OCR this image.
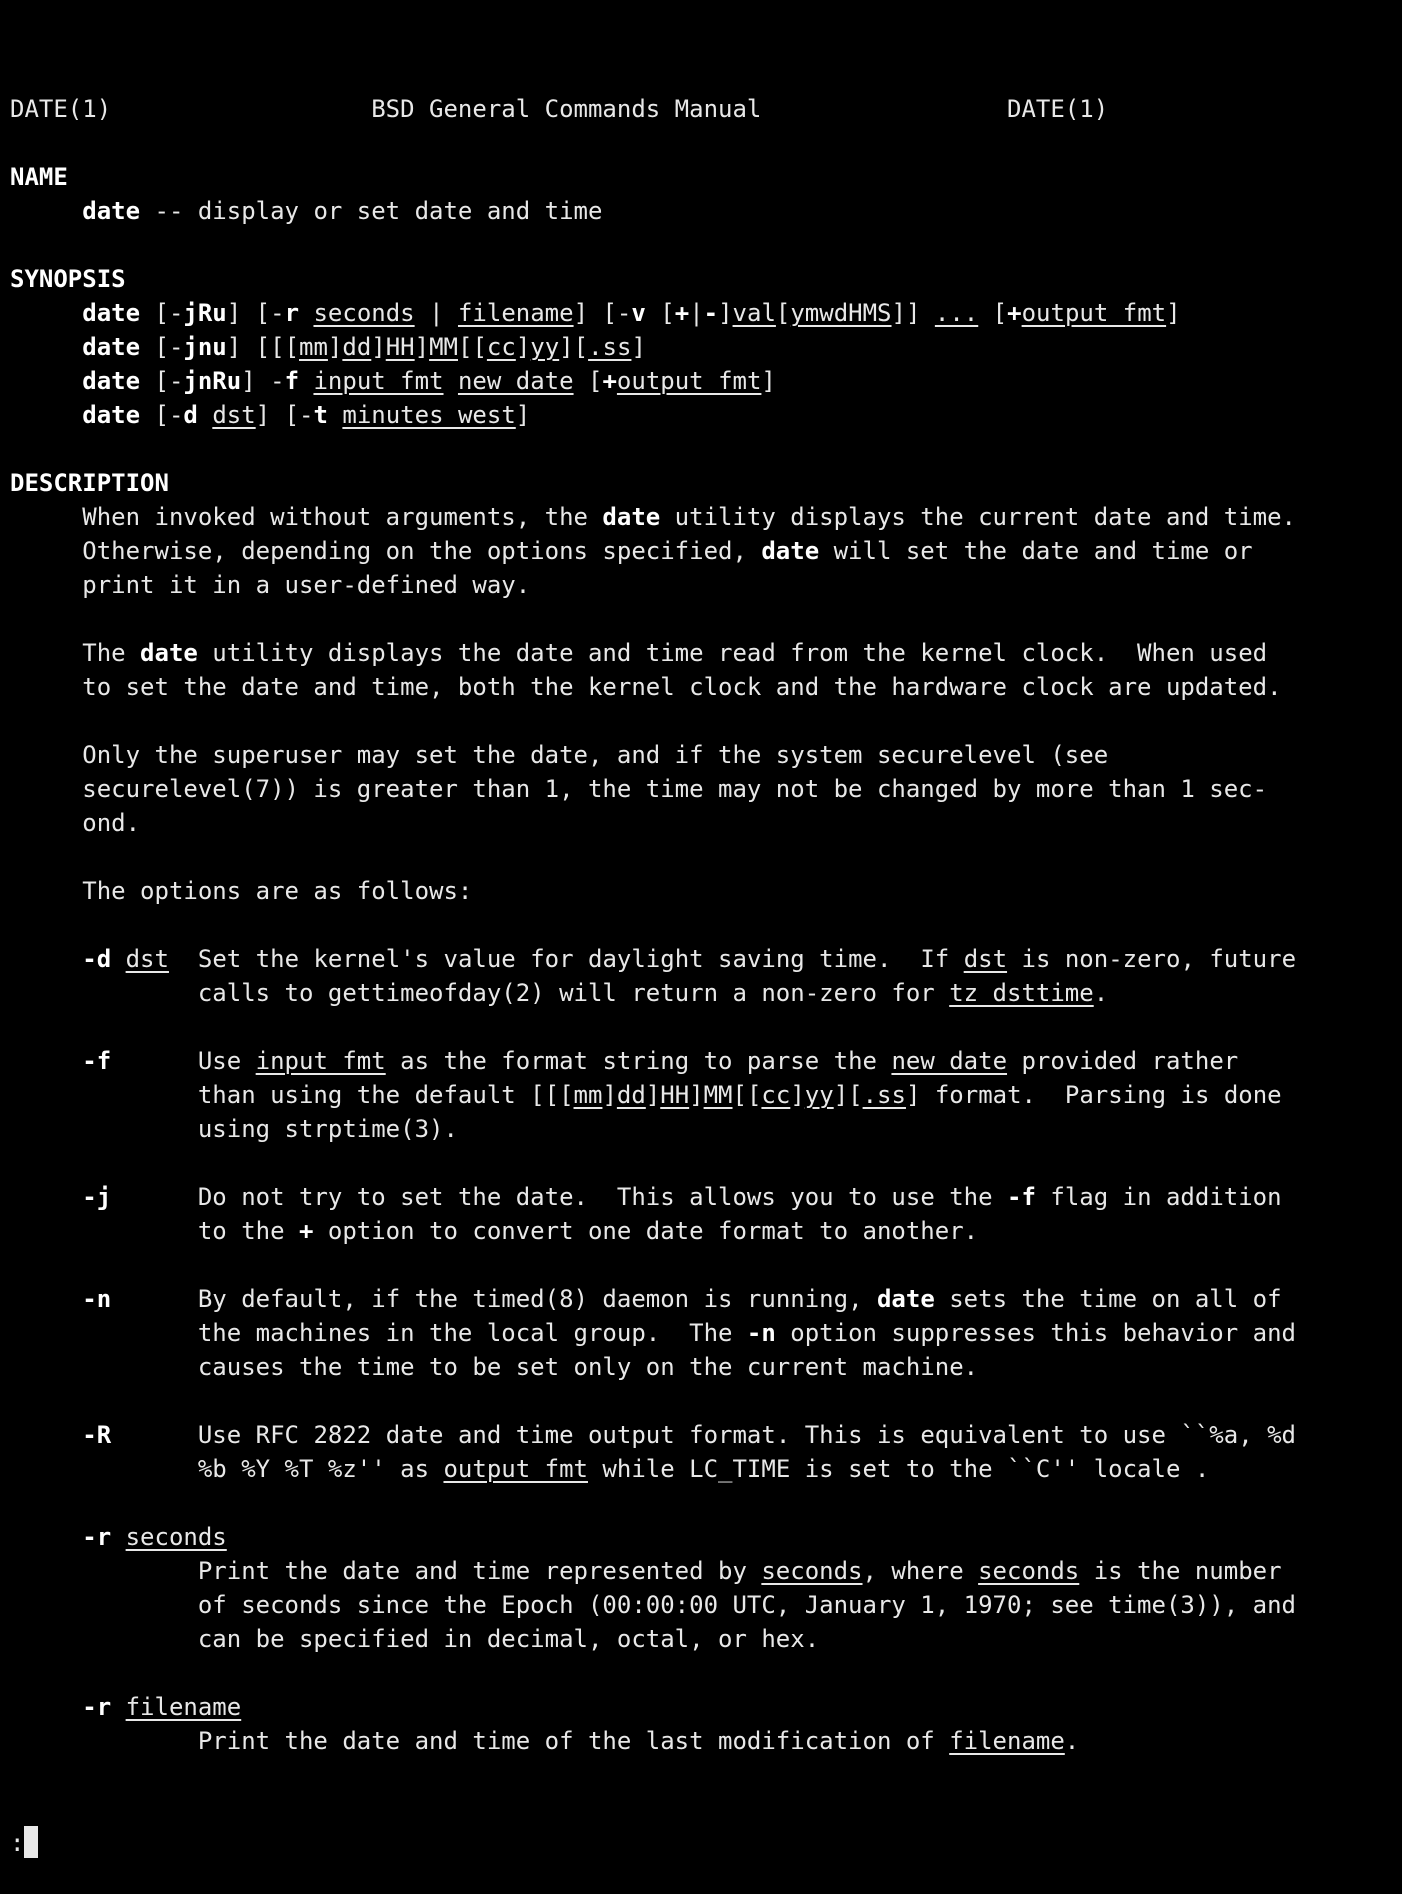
DATE(1)                  BSD General Commands Manual                 DATE(1)
NAME
date -- display or set date and time
SYNOPSIS
date [-jRu] [-r seconds | filename] [-v [+|-]val[ymwdHMS]] ... [+output_fmt]
date [-jnu] [[[mm]dd]HH]MM[[cc]yy][.ss]
date [-jnRu] -f input_fmt new_date [+output_fmt]
date [-d dst] [-t minutes_west]
DESCRIPTION
When invoked without arguments, the date utility displays the current date and time.
Otherwise, depending on the options specified, date will set the date and time or
print it in a user-defined way.
The date utility displays the date and time read from the kernel clock.  When used
to set the date and time, both the kernel clock and the hardware clock are updated.
Only the superuser may set the date, and if the system securelevel (see
securelevel(7)) is greater than 1, the time may not be changed by more than 1 sec-
ond.
The options are as follows:
-d dst  Set the kernel's value for daylight saving time.  If dst is non-zero, future
calls to gettimeofday(2) will return a non-zero for tz_dsttime.
-f      Use input_fmt as the format string to parse the new_date provided rather
than using the default [[[mm]dd]HH]MM[[cc]yy][.ss] format.  Parsing is done
using strptime(3).
-j      Do not try to set the date.  This allows you to use the -f flag in addition
to the + option to convert one date format to another.
-n      By default, if the timed(8) daemon is running, date sets the time on all of
the machines in the local group.  The -n option suppresses this behavior and
causes the time to be set only on the current machine.
-R      Use RFC 2822 date and time output format. This is equivalent to use ``%a, %d
%b %Y %T %z'' as output_fmt while LC_TIME is set to the ``C'' locale .
-r seconds
Print the date and time represented by seconds, where seconds is the number
of seconds since the Epoch (00:00:00 UTC, January 1, 1970; see time(3)), and
can be specified in decimal, octal, or hex.
-r filename
Print the date and time of the last modification of filename.

:
